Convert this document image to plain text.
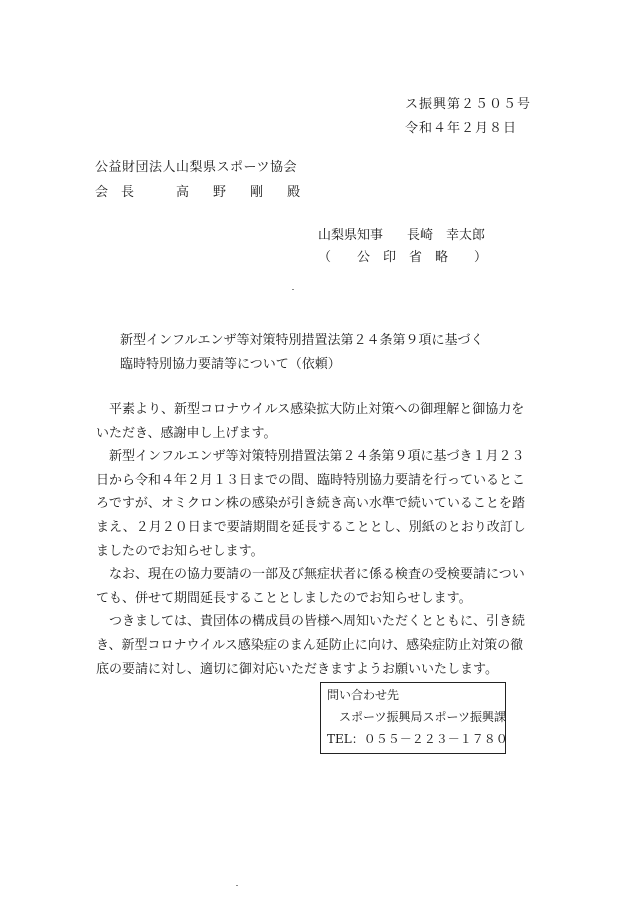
ス振興第２５０５号
令和４年２月８日
公益財団法人山梨県スポーツ協会
会 長	高 野 剛 殿
山梨県知事 長崎　幸太郎
（　　公　印　省　略　　）
新型インフルエンザ等対策特別措置法第２４条第９項に基づく
臨時特別協力要請等について（依頼）

平素より、新型コロナウイルス感染拡大防止対策への御理解と御協力をいただき、感謝申し上げます。

新型インフルエンザ等対策特別措置法第２４条第９項に基づき１月２３日から令和４年２月１３日までの間、臨時特別協力要請を行っているところですが、オミクロン株の感染が引き続き高い水準で続いていることを踏まえ、２月２０日まで要請期間を延長することとし、別紙のとおり改訂しましたのでお知らせします。

なお、現在の協力要請の一部及び無症状者に係る検査の受検要請についても、併せて期間延長することとしましたのでお知らせします。

つきましては、貴団体の構成員の皆様へ周知いただくとともに、引き続き、新型コロナウイルス感染症のまん延防止に向け、感染症防止対策の徹底の要請に対し、適切に御対応いただきますようお願いいたします。

問い合わせ先
スポーツ振興局スポーツ振興課
TEL：０５５－２２３－１７８０
